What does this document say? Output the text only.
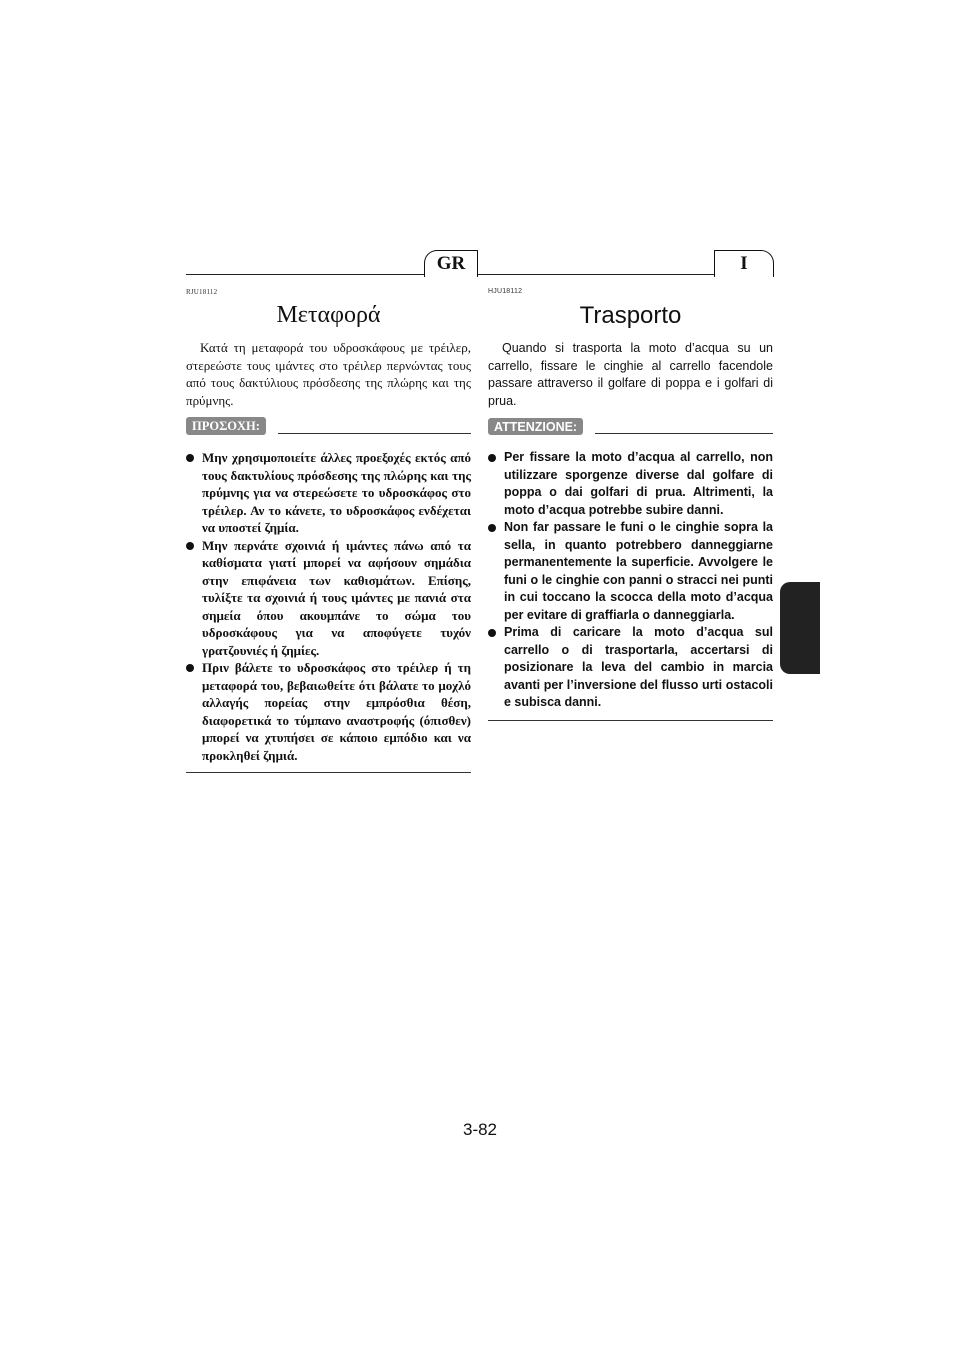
GR	I
RJU18112
Μεταφορά

Κατά τη μεταφορά του υδροσκάφους με τρέιλερ, στερεώστε τους ιμάντες στο τρέιλερ περνώντας τους από τους δακτύλιους πρόσδεσης της πλώρης και της πρύμνης.

ΠΡΟΣΟΧΗ:
Μην χρησιμοποιείτε άλλες προεξοχές εκτός από τους δακτυλίους πρόσδεσης της πλώρης και της πρύμνης για να στερεώσετε το υδροσκάφος στο τρέιλερ. Αν το κάνετε, το υδροσκάφος ενδέχεται να υποστεί ζημία.
Μην περνάτε σχοινιά ή ιμάντες πάνω από τα καθίσματα γιατί μπορεί να αφήσουν σημάδια στην επιφάνεια των καθισμάτων. Επίσης, τυλίξτε τα σχοινιά ή τους ιμάντες με πανιά στα σημεία όπου ακουμπάνε το σώμα του υδροσκάφους για να αποφύγετε τυχόν γρατζουνιές ή ζημίες.
Πριν βάλετε το υδροσκάφος στο τρέιλερ ή τη μεταφορά του, βεβαιωθείτε ότι βάλατε το μοχλό αλλαγής πορείας στην εμπρόσθια θέση, διαφορετικά το τύμπανο αναστροφής (όπισθεν) μπορεί να χτυπήσει σε κάποιο εμπόδιο και να προκληθεί ζημιά.
HJU18112
Trasporto

Quando si trasporta la moto d’acqua su un carrello, fissare le cinghie al carrello facendole passare attraverso il golfare di poppa e i golfari di prua.

ATTENZIONE:
Per fissare la moto d’acqua al carrello, non utilizzare sporgenze diverse dal golfare di poppa o dai golfari di prua. Altrimenti, la moto d’acqua potrebbe subire danni.
Non far passare le funi o le cinghie sopra la sella, in quanto potrebbero danneggiarne permanentemente la superficie. Avvolgere le funi o le cinghie con panni o stracci nei punti in cui toccano la scocca della moto d’acqua per evitare di graffiarla o danneggiarla.
Prima di caricare la moto d’acqua sul carrello o di trasportarla, accertarsi di posizionare la leva del cambio in marcia avanti per l’inversione del flusso urti ostacoli e subisca danni.
3-82
